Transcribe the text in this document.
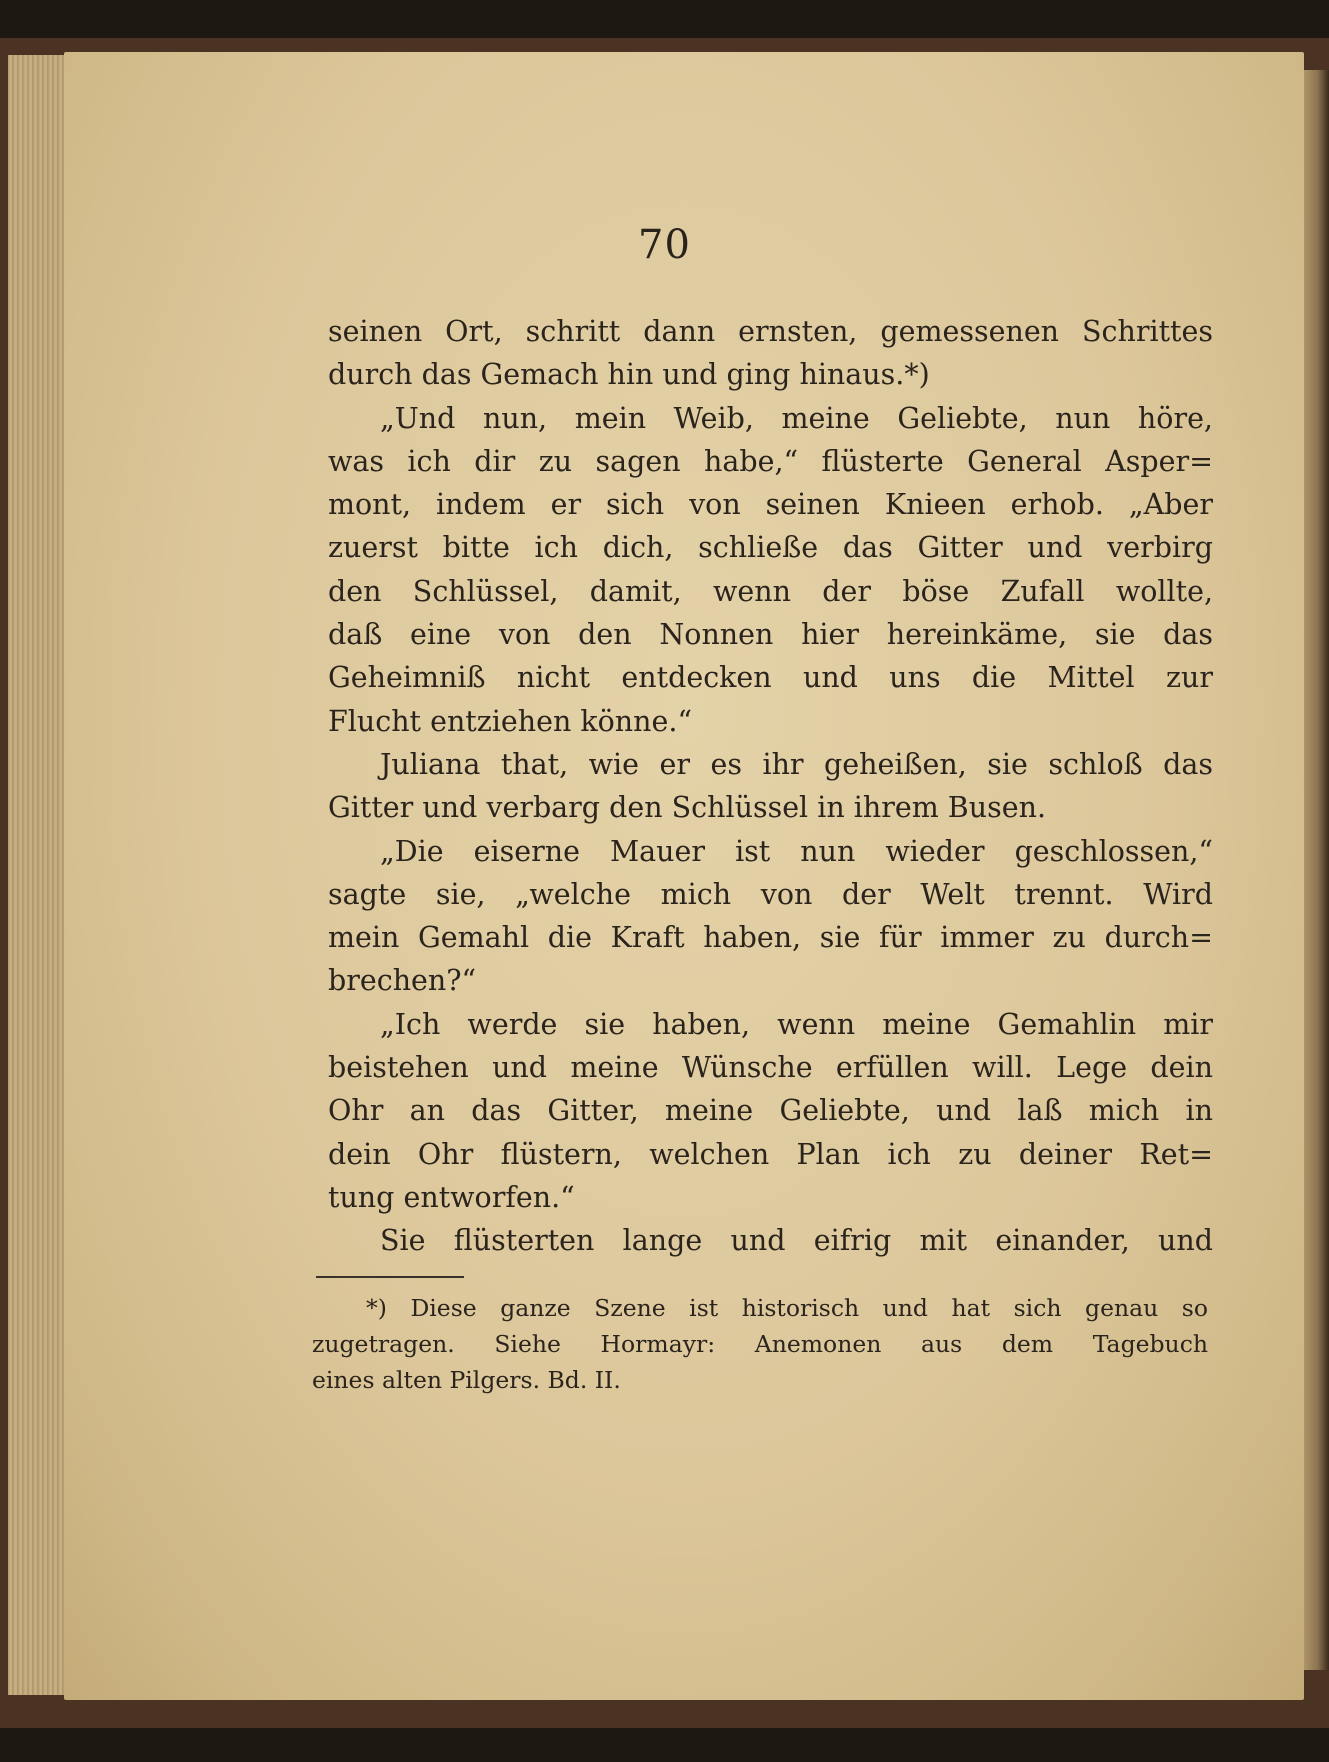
70
seinen Ort, schritt dann ernsten, gemessenen Schrittes
durch das Gemach hin und ging hinaus.*)
„Und nun, mein Weib, meine Geliebte, nun höre,
was ich dir zu sagen habe,“ flüsterte General Asper=
mont, indem er sich von seinen Knieen erhob. „Aber
zuerst bitte ich dich, schließe das Gitter und verbirg
den Schlüssel, damit, wenn der böse Zufall wollte,
daß eine von den Nonnen hier hereinkäme, sie das
Geheimniß nicht entdecken und uns die Mittel zur
Flucht entziehen könne.“
Juliana that, wie er es ihr geheißen, sie schloß das
Gitter und verbarg den Schlüssel in ihrem Busen.
„Die eiserne Mauer ist nun wieder geschlossen,“
sagte sie, „welche mich von der Welt trennt. Wird
mein Gemahl die Kraft haben, sie für immer zu durch=
brechen?“
„Ich werde sie haben, wenn meine Gemahlin mir
beistehen und meine Wünsche erfüllen will. Lege dein
Ohr an das Gitter, meine Geliebte, und laß mich in
dein Ohr flüstern, welchen Plan ich zu deiner Ret=
tung entworfen.“
Sie flüsterten lange und eifrig mit einander, und
*) Diese ganze Szene ist historisch und hat sich genau so
zugetragen. Siehe Hormayr: Anemonen aus dem Tagebuch
eines alten Pilgers. Bd. II.
